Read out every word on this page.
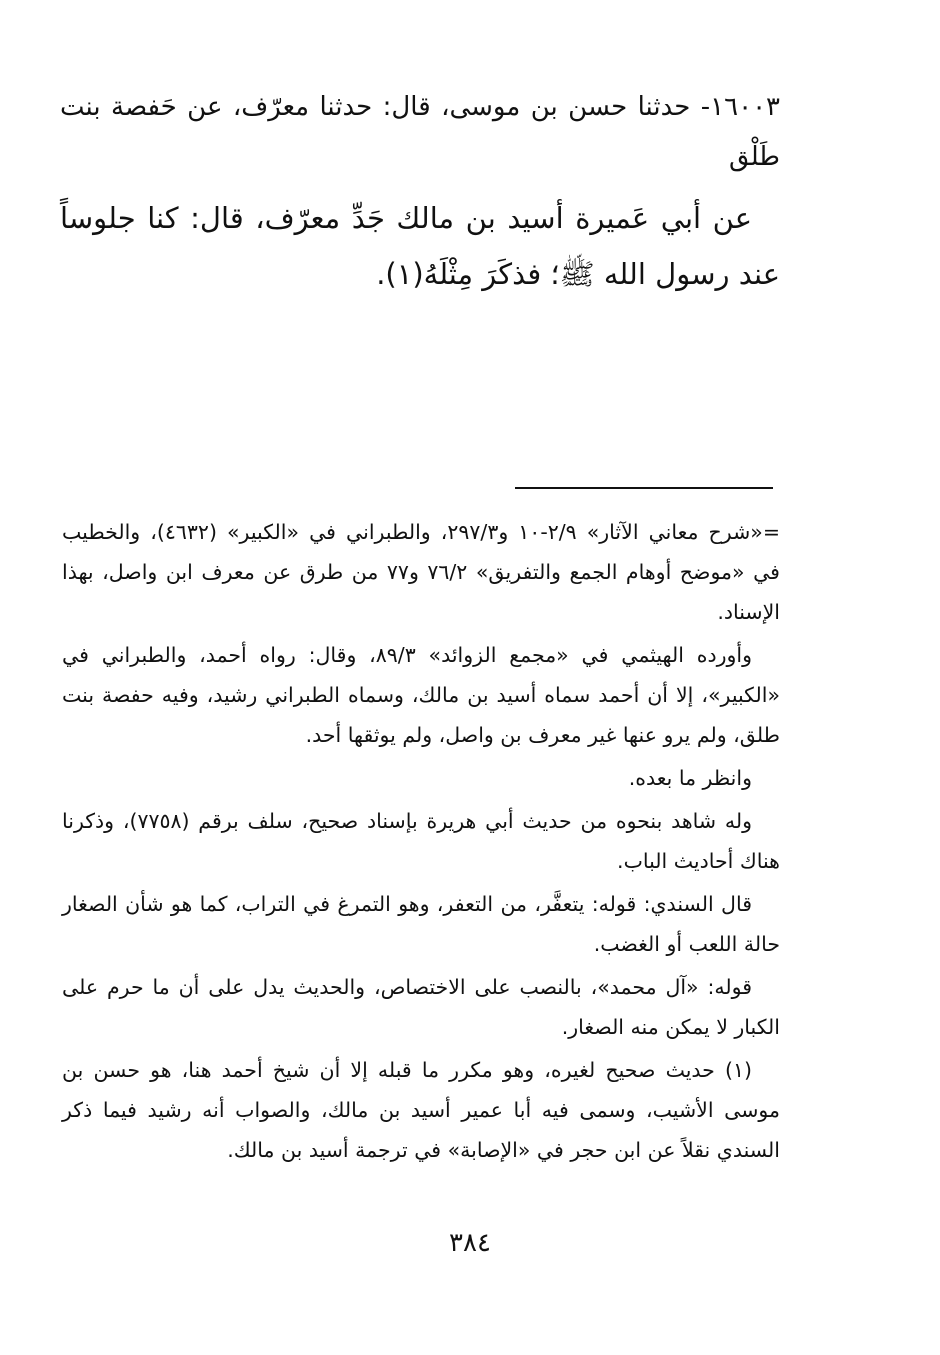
١٦٠٠٣- حدثنا حسن بن موسى، قال: حدثنا معرّف، عن حَفصة بنت طَلْق

عن أبي عَميرة أسيد بن مالك جَدِّ معرّف، قال: كنا جلوساً عند رسول الله ﷺ؛ فذكَرَ مِثْلَهُ(١).

=«شرح معاني الآثار» ٢/٩-١٠ و٢٩٧/٣، والطبراني في «الكبير» (٤٦٣٢)، والخطيب في «موضح أوهام الجمع والتفريق» ٧٦/٢ و٧٧ من طرق عن معرف ابن واصل، بهذا الإسناد.

وأورده الهيثمي في «مجمع الزوائد» ٨٩/٣، وقال: رواه أحمد، والطبراني في «الكبير»، إلا أن أحمد سماه أسيد بن مالك، وسماه الطبراني رشيد، وفيه حفصة بنت طلق، ولم يرو عنها غير معرف بن واصل، ولم يوثقها أحد.

وانظر ما بعده.

وله شاهد بنحوه من حديث أبي هريرة بإسناد صحيح، سلف برقم (٧٧٥٨)، وذكرنا هناك أحاديث الباب.

قال السندي: قوله: يتعفَّر، من التعفر، وهو التمرغ في التراب، كما هو شأن الصغار حالة اللعب أو الغضب.

قوله: «آل محمد»، بالنصب على الاختصاص، والحديث يدل على أن ما حرم على الكبار لا يمكن منه الصغار.

(١) حديث صحيح لغيره، وهو مكرر ما قبله إلا أن شيخ أحمد هنا، هو حسن بن موسى الأشيب، وسمى فيه أبا عمير أسيد بن مالك، والصواب أنه رشيد فيما ذكر السندي نقلاً عن ابن حجر في «الإصابة» في ترجمة أسيد بن مالك.

٣٨٤
